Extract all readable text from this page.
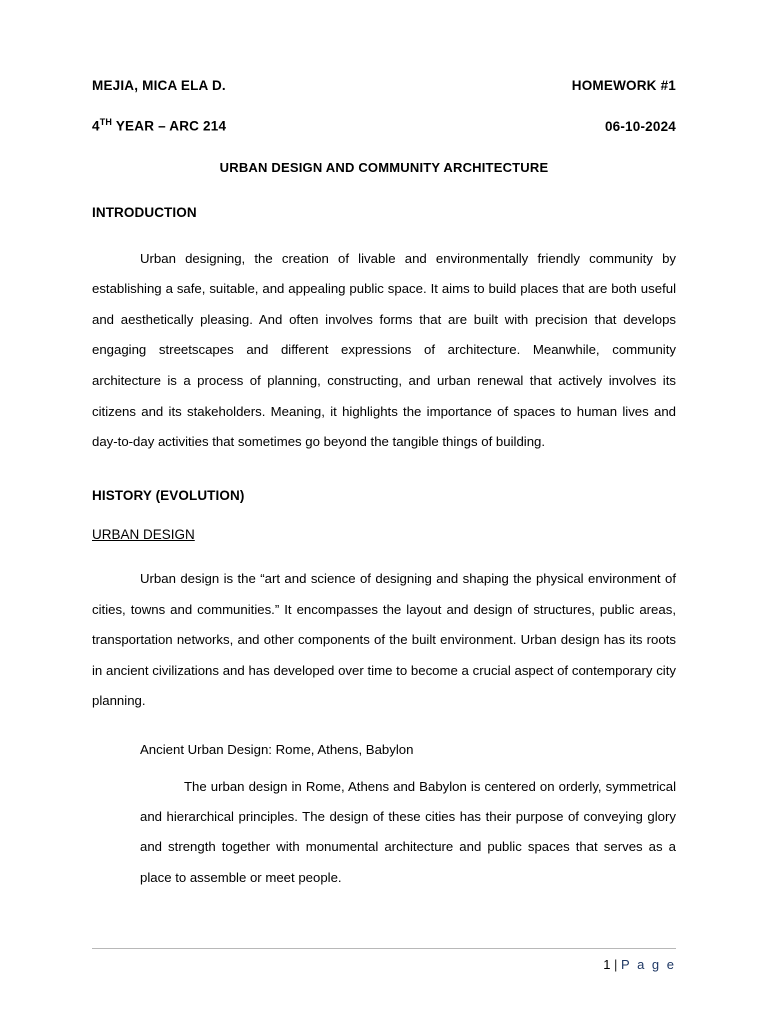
MEJIA, MICA ELA D.	HOMEWORK #1
4TH YEAR – ARC 214	06-10-2024
URBAN DESIGN AND COMMUNITY ARCHITECTURE
INTRODUCTION

Urban designing, the creation of livable and environmentally friendly community by establishing a safe, suitable, and appealing public space. It aims to build places that are both useful and aesthetically pleasing. And often involves forms that are built with precision that develops engaging streetscapes and different expressions of architecture. Meanwhile, community architecture is a process of planning, constructing, and urban renewal that actively involves its citizens and its stakeholders. Meaning, it highlights the importance of spaces to human lives and day-to-day activities that sometimes go beyond the tangible things of building.

HISTORY (EVOLUTION)
URBAN DESIGN

Urban design is the “art and science of designing and shaping the physical environment of cities, towns and communities.” It encompasses the layout and design of structures, public areas, transportation networks, and other components of the built environment. Urban design has its roots in ancient civilizations and has developed over time to become a crucial aspect of contemporary city planning.

Ancient Urban Design: Rome, Athens, Babylon

The urban design in Rome, Athens and Babylon is centered on orderly, symmetrical and hierarchical principles. The design of these cities has their purpose of conveying glory and strength together with monumental architecture and public spaces that serves as a place to assemble or meet people.

1 | P a g e
